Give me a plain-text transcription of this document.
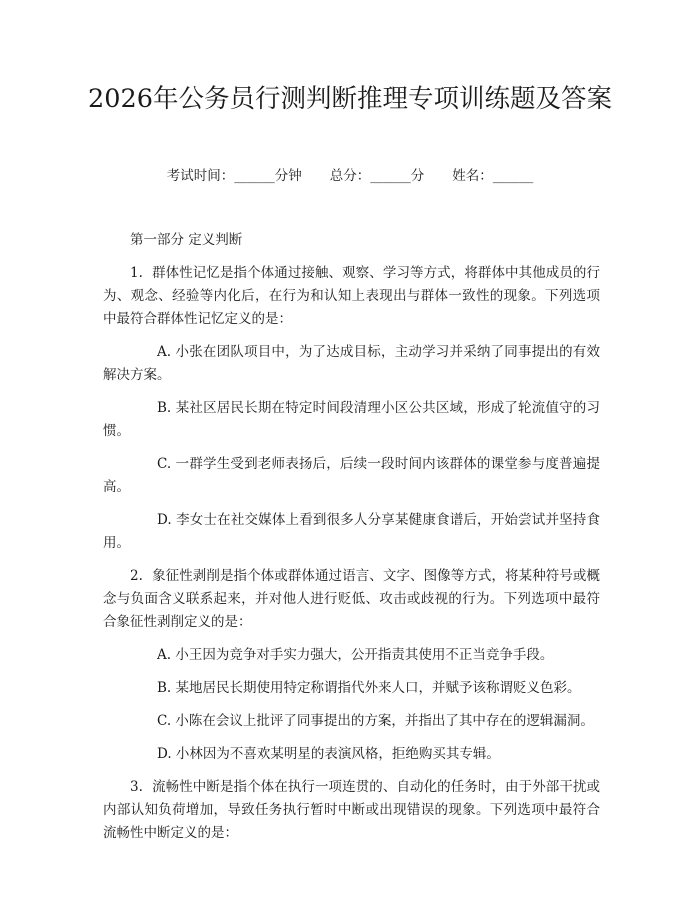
2026年公务员行测判断推理专项训练题及答案
考试时间：______分钟 总分：______分 姓名：______

第一部分 定义判断

1. 群体性记忆是指个体通过接触、观察、学习等方式，将群体中其他成员的行为、观念、经验等内化后，在行为和认知上表现出与群体一致性的现象。下列选项中最符合群体性记忆定义的是：

A. 小张在团队项目中，为了达成目标，主动学习并采纳了同事提出的有效解决方案。

B. 某社区居民长期在特定时间段清理小区公共区域，形成了轮流值守的习惯。

C. 一群学生受到老师表扬后，后续一段时间内该群体的课堂参与度普遍提高。

D. 李女士在社交媒体上看到很多人分享某健康食谱后，开始尝试并坚持食用。

2. 象征性剥削是指个体或群体通过语言、文字、图像等方式，将某种符号或概念与负面含义联系起来，并对他人进行贬低、攻击或歧视的行为。下列选项中最符合象征性剥削定义的是：

A. 小王因为竞争对手实力强大，公开指责其使用不正当竞争手段。

B. 某地居民长期使用特定称谓指代外来人口，并赋予该称谓贬义色彩。

C. 小陈在会议上批评了同事提出的方案，并指出了其中存在的逻辑漏洞。

D. 小林因为不喜欢某明星的表演风格，拒绝购买其专辑。

3. 流畅性中断是指个体在执行一项连贯的、自动化的任务时，由于外部干扰或内部认知负荷增加，导致任务执行暂时中断或出现错误的现象。下列选项中最符合流畅性中断定义的是：
